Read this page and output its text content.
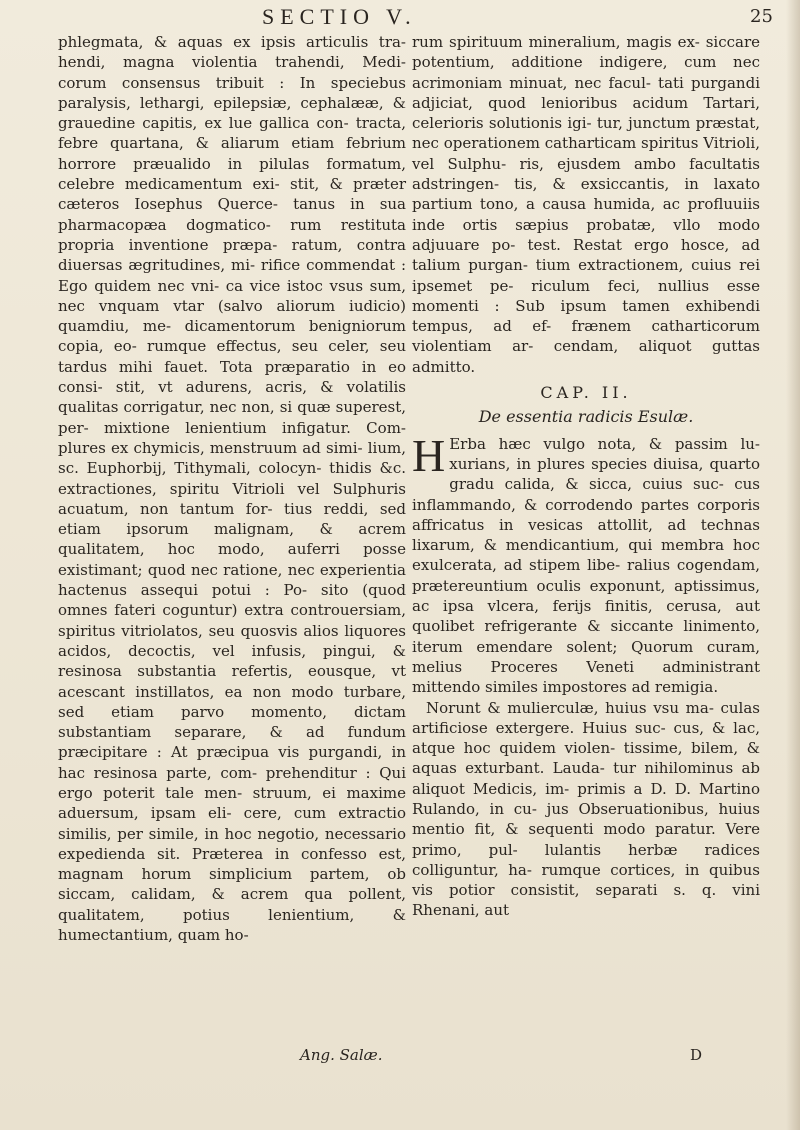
SECTIO V.	25

phlegmata, & aquas ex ipsis articulis tra- hendi, magna violentia trahendi, Medi- corum consensus tribuit : In speciebus paralysis, lethargi, epilepsiæ, cephalææ, & grauedine capitis, ex lue gallica con- tracta, febre quartana, & aliarum etiam febrium horrore præualido in pilulas formatum, celebre medicamentum exi- stit, & præter cæteros Iosephus Querce- tanus in sua pharmacopæa dogmatico- rum restituta propria inventione præpa- ratum, contra diuersas ægritudines, mi- rifice commendat : Ego quidem nec vni- ca vice istoc vsus sum, nec vnquam vtar (salvo aliorum iudicio) quamdiu, me- dicamentorum benigniorum copia, eo- rumque effectus, seu celer, seu tardus mihi fauet. Tota præparatio in eo consi- stit, vt adurens, acris, & volatilis qualitas corrigatur, nec non, si quæ superest, per- mixtione lenientium infigatur. Com- plures ex chymicis, menstruum ad simi- lium, sc. Euphorbij, Tithymali, colocyn- thidis &c. extractiones, spiritu Vitrioli vel Sulphuris acuatum, non tantum for- tius reddi, sed etiam ipsorum malignam, & acrem qualitatem, hoc modo, auferri posse existimant; quod nec ratione, nec experientia hactenus assequi potui : Po- sito (quod omnes fateri coguntur) extra controuersiam, spiritus vitriolatos, seu quosvis alios liquores acidos, decoctis, vel infusis, pingui, & resinosa substantia refertis, eousque, vt acescant instillatos, ea non modo turbare, sed etiam parvo momento, dictam substantiam separare, & ad fundum præcipitare : At præcipua vis purgandi, in hac resinosa parte, com- prehenditur : Qui ergo poterit tale men- struum, ei maxime aduersum, ipsam eli- cere, cum extractio similis, per simile, in hoc negotio, necessario expedienda sit. Præterea in confesso est, magnam horum simplicium partem, ob siccam, calidam, & acrem qua pollent, qualitatem, potius lenientium, & humectantium, quam ho-

rum spirituum mineralium, magis ex- siccare potentium, additione indigere, cum nec acrimoniam minuat, nec facul- tati purgandi adjiciat, quod lenioribus acidum Tartari, celerioris solutionis igi- tur, junctum præstat, nec operationem catharticam spiritus Vitrioli, vel Sulphu- ris, ejusdem ambo facultatis adstringen- tis, & exsiccantis, in laxato partium tono, a causa humida, ac profluuiis inde ortis sæpius probatæ, vllo modo adjuuare po- test. Restat ergo hosce, ad talium purgan- tium extractionem, cuius rei ipsemet pe- riculum feci, nullius esse momenti : Sub ipsum tamen exhibendi tempus, ad ef- frænem catharticorum violentiam ar- cendam, aliquot guttas admitto.

CAP. II.
De essentia radicis Esulæ.

H Erba hæc vulgo nota, & passim lu- xurians, in plures species diuisa, quarto gradu calida, & sicca, cuius suc- cus inflammando, & corrodendo partes corporis affricatus in vesicas attollit, ad technas lixarum, & mendicantium, qui membra hoc exulcerata, ad stipem libe- ralius cogendam, prætereuntium oculis exponunt, aptissimus, ac ipsa vlcera, ferijs finitis, cerusa, aut quolibet refrigerante & siccante linimento, iterum emendare solent; Quorum curam, melius Proceres Veneti administrant mittendo similes impostores ad remigia.

Norunt & mulierculæ, huius vsu ma- culas artificiose extergere. Huius suc- cus, & lac, atque hoc quidem violen- tissime, bilem, & aquas exturbant. Lauda- tur nihilominus ab aliquot Medicis, im- primis a D. D. Martino Rulando, in cu- jus Obseruationibus, huius mentio fit, & sequenti modo paratur. Vere primo, pul- lulantis herbæ radices colliguntur, ha- rumque cortices, in quibus vis potior consistit, separati s. q. vini Rhenani, aut

Ang. Salæ.	D
